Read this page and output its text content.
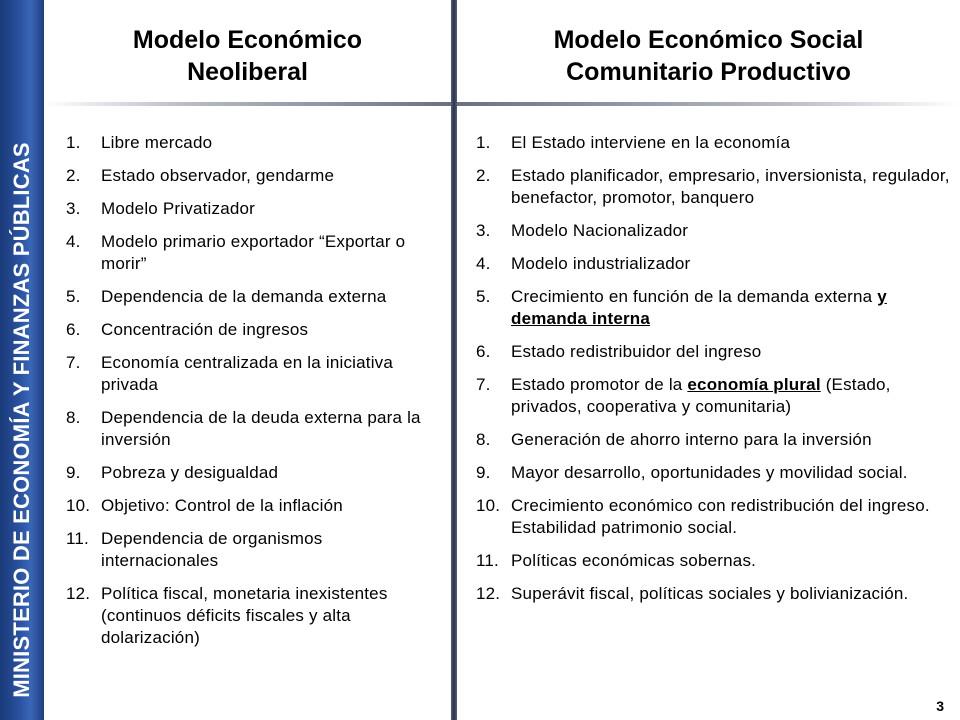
MINISTERIO DE ECONOMÍA Y FINANZAS PÚBLICAS
Modelo Económico
Neoliberal
Modelo Económico Social
Comunitario Productivo
1.	Libre mercado
2.	Estado observador, gendarme
3.	Modelo Privatizador
4.	Modelo primario exportador “Exportar o morir”
5.	Dependencia de la demanda externa
6.	Concentración de ingresos
7.	Economía centralizada en la iniciativa privada
8.	Dependencia de la deuda externa para la inversión
9.	Pobreza y desigualdad
10. Objetivo: Control de la inflación
11. Dependencia de organismos internacionales
12. Política fiscal, monetaria inexistentes (continuos déficits fiscales y alta dolarización)
1.	El Estado interviene en la economía
2.	Estado planificador, empresario, inversionista, regulador, benefactor, promotor, banquero
3.	Modelo Nacionalizador
4.	Modelo industrializador
5.	Crecimiento en función de la demanda externa y demanda interna
6.	Estado redistribuidor del ingreso
7.	Estado promotor de la economía plural (Estado, privados, cooperativa y comunitaria)
8.	Generación de ahorro interno para la inversión
9.	Mayor desarrollo, oportunidades y movilidad social.
10. Crecimiento económico con redistribución del ingreso. Estabilidad patrimonio social.
11. Políticas económicas sobernas.
12. Superávit fiscal, políticas sociales y bolivianización.
3
